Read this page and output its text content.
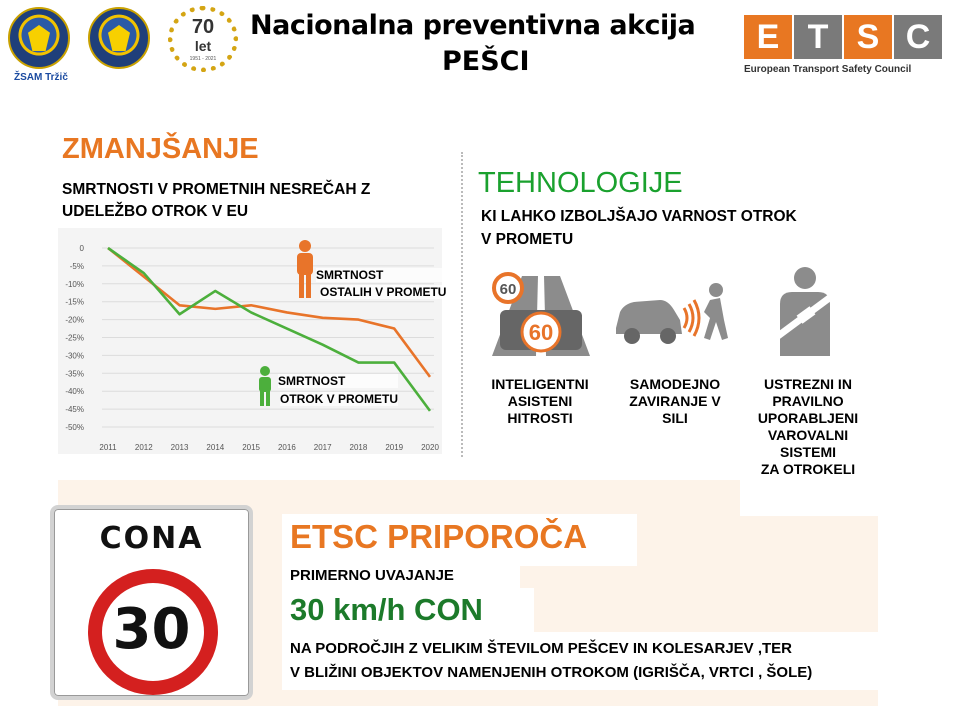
ŽSAM Tržič
70
let
1951 - 2021
Nacionalna preventivna akcija
PEŠCI
E T S C
European Transport Safety Council
ZMANJŠANJE
SMRTNOSTI V PROMETNIH NESREČAH Z
UDELEŽBO OTROK V EU
0
-5%
-10%
-15%
-20%
-25%
-30%
-35%
-40%
-45%
-50%
2011 2012 2013 2014 2015 2016 2017 2018 2019 2020
SMRTNOST
OSTALIH V PROMETU
SMRTNOST
OTROK V PROMETU
TEHNOLOGIJE
KI LAHKO IZBOLJŠAJO VARNOST OTROK
V PROMETU
60
60
INTELIGENTNI
ASISTENI
HITROSTI
SAMODEJNO
ZAVIRANJE V
SILI
USTREZNI IN
PRAVILNO
UPORABLJENI
VAROVALNI
SISTEMI
ZA OTROKELI
CONA
30
ETSC PRIPOROČA
PRIMERNO UVAJANJE
30 km/h CON
NA PODROČJIH Z VELIKIM ŠTEVILOM PEŠCEV IN KOLESARJEV ,TER
V BLIŽINI OBJEKTOV NAMENJENIH OTROKOM (IGRIŠČA, VRTCI , ŠOLE)
